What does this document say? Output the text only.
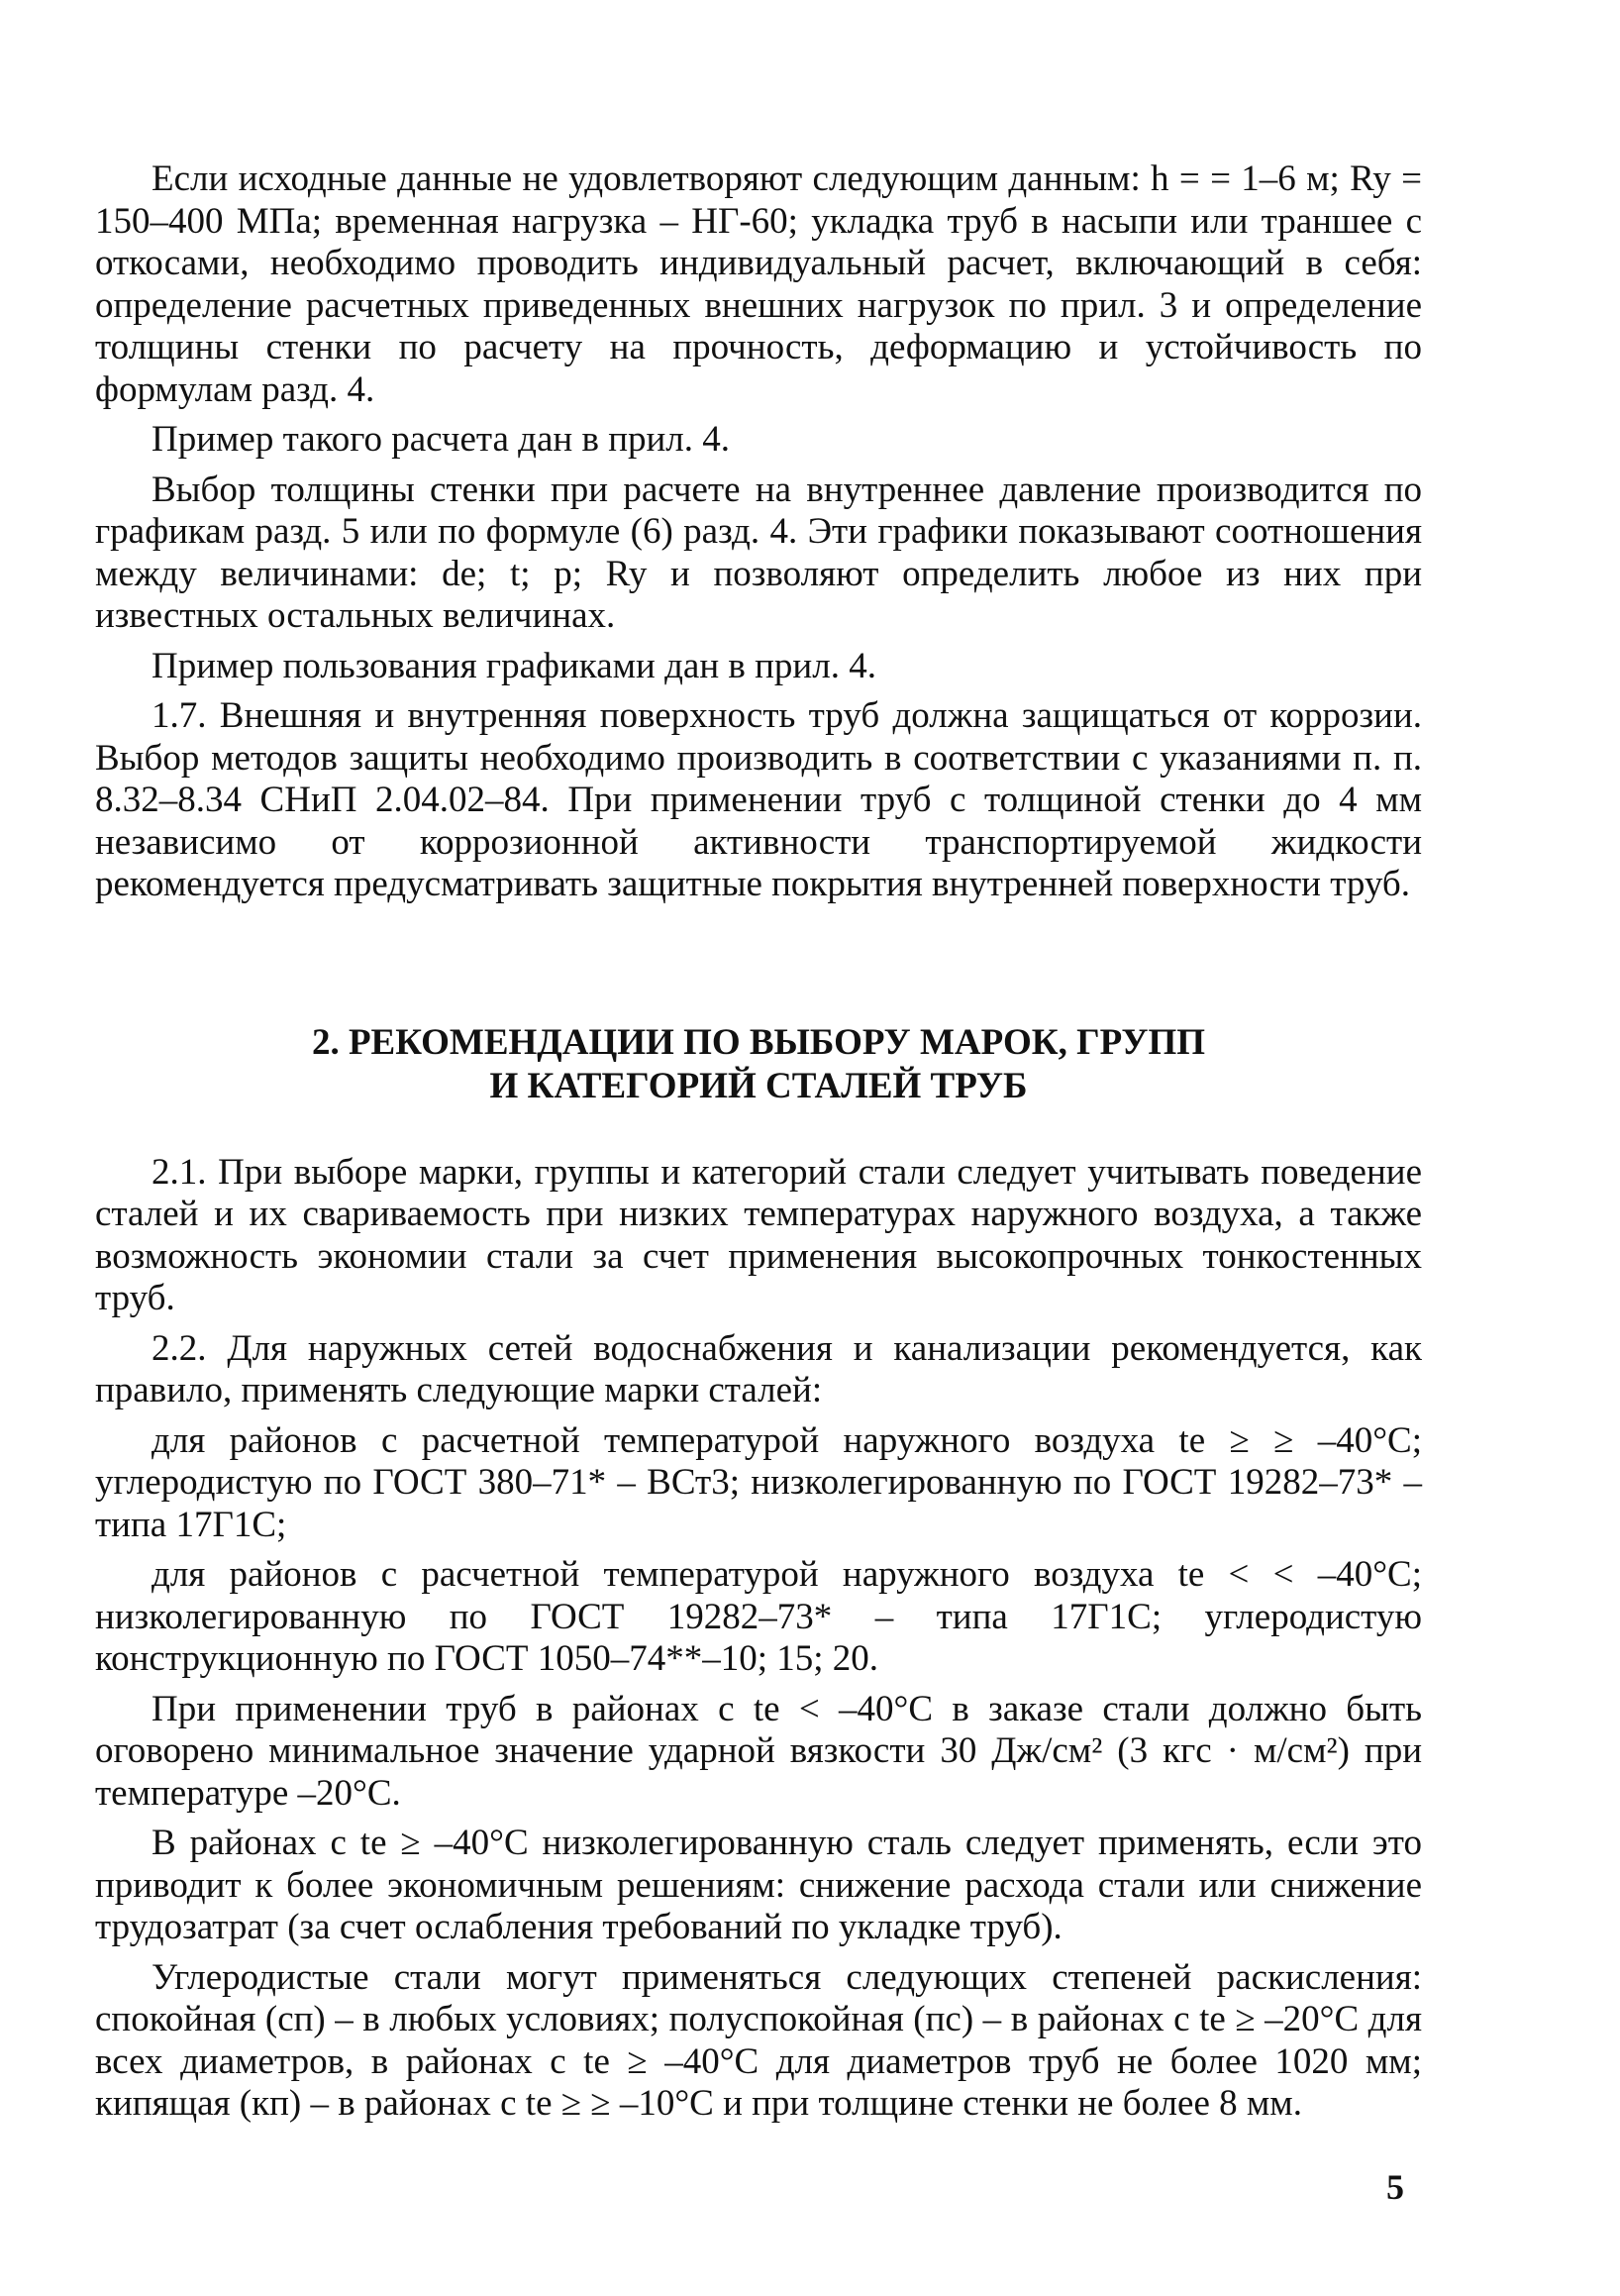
Если исходные данные не удовлетворяют следующим данным: h = = 1–6 м; Ry = 150–400 МПа; временная нагрузка – НГ-60; укладка труб в насыпи или траншее с откосами, необходимо проводить индивидуальный расчет, включающий в себя: определение расчетных приведенных внешних нагрузок по прил. 3 и определение толщины стенки по расчету на прочность, деформацию и устойчивость по формулам разд. 4.

Пример такого расчета дан в прил. 4.

Выбор толщины стенки при расчете на внутреннее давление производится по графикам разд. 5 или по формуле (6) разд. 4. Эти графики показывают соотношения между величинами: de; t; p; Ry и позволяют определить любое из них при известных остальных величинах.

Пример пользования графиками дан в прил. 4.

1.7. Внешняя и внутренняя поверхность труб должна защищаться от коррозии. Выбор методов защиты необходимо производить в соответствии с указаниями п. п. 8.32–8.34 СНиП 2.04.02–84. При применении труб с толщиной стенки до 4 мм независимо от коррозионной активности транспортируемой жидкости рекомендуется предусматривать защитные покрытия внутренней поверхности труб.

2. РЕКОМЕНДАЦИИ ПО ВЫБОРУ МАРОК, ГРУПП
И КАТЕГОРИЙ СТАЛЕЙ ТРУБ

2.1. При выборе марки, группы и категорий стали следует учитывать поведение сталей и их свариваемость при низких температурах наружного воздуха, а также возможность экономии стали за счет применения высокопрочных тонкостенных труб.

2.2. Для наружных сетей водоснабжения и канализации рекомендуется, как правило, применять следующие марки сталей:

для районов с расчетной температурой наружного воздуха te ≥ ≥ –40°С; углеродистую по ГОСТ 380–71* – ВСт3; низколегированную по ГОСТ 19282–73* – типа 17Г1С;

для районов с расчетной температурой наружного воздуха te < < –40°С; низколегированную по ГОСТ 19282–73* – типа 17Г1С; углеродистую конструкционную по ГОСТ 1050–74**–10; 15; 20.

При применении труб в районах с te < –40°С в заказе стали должно быть оговорено минимальное значение ударной вязкости 30 Дж/см² (3 кгс · м/см²) при температуре –20°С.

В районах с te ≥ –40°С низколегированную сталь следует применять, если это приводит к более экономичным решениям: снижение расхода стали или снижение трудозатрат (за счет ослабления требований по укладке труб).

Углеродистые стали могут применяться следующих степеней раскисления: спокойная (сп) – в любых условиях; полуспокойная (пс) – в районах с te ≥ –20°С для всех диаметров, в районах с te ≥ –40°С для диаметров труб не более 1020 мм; кипящая (кп) – в районах с te ≥ ≥ –10°С и при толщине стенки не более 8 мм.

5
